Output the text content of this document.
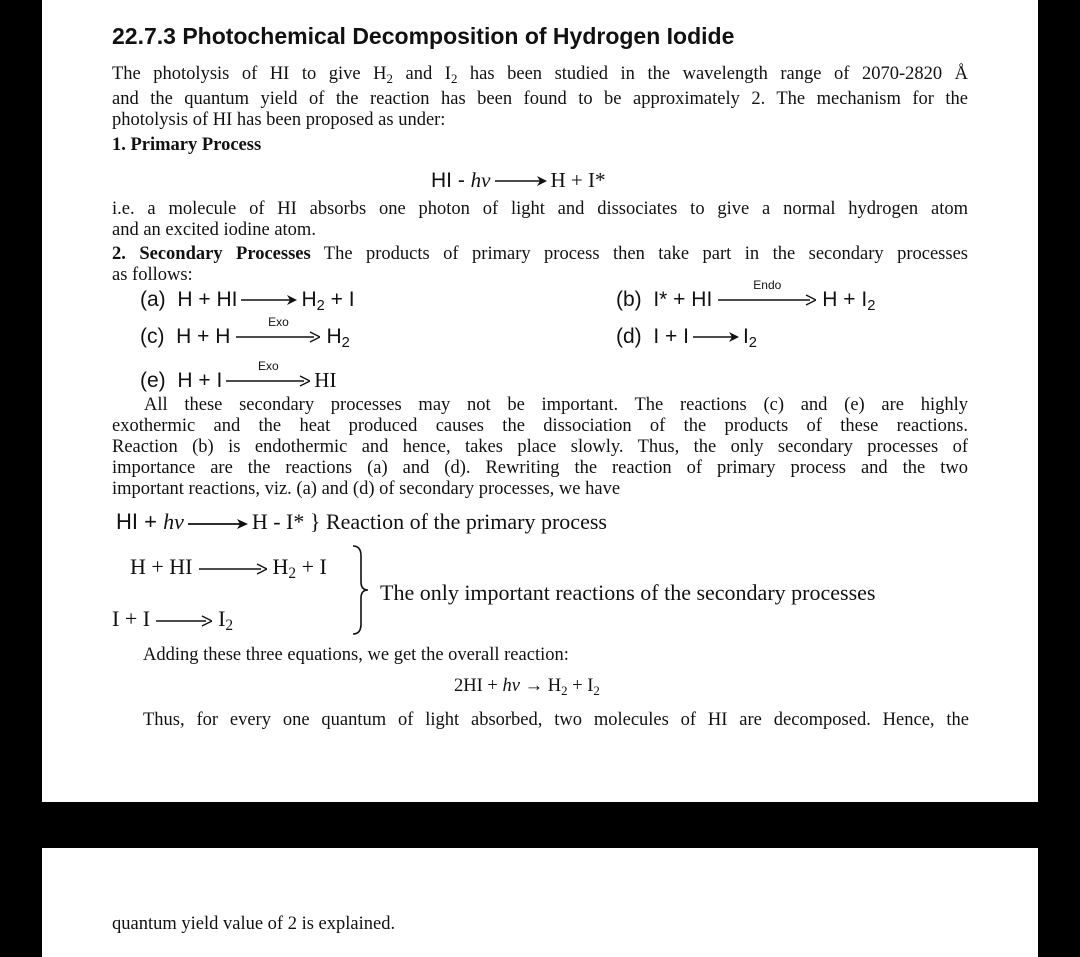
22.7.3 Photochemical Decomposition of Hydrogen Iodide
The photolysis of HI to give $H_2$ and $I_2$ has been studied in the wavelength range of 2070-2820 Å
and the quantum yield of the reaction has been found to be approximately 2. The mechanism for the
photolysis of HI has been proposed as under:
1. Primary Process
HI - hv → H + I*
i.e. a molecule of HI absorbs one photon of light and dissociates to give a normal hydrogen atom
and an excited iodine atom.
2. Secondary Processes The products of primary process then take part in the secondary processes
as follows:
(a) H + HI → $H_2 + I$	(b) I* + HI
Endo
$H + I_2$
(c) H + H
Exo
$H_2$	(d) $I + I \to I_2$
(e) H + I
Exo
HI
All these secondary processes may not be important. The reactions (c) and (e) are highly
exothermic and the heat produced causes the dissociation of the products of these reactions.
Reaction (b) is endothermic and hence, takes place slowly. Thus, the only secondary processes of
importance are the reactions (a) and (d). Rewriting the reaction of primary process and the two
important reactions, viz. (a) and (d) of secondary processes, we have
HI + hv → H - I* } Reaction of the primary process
H + HI → $H_2 + I$
$I + I \to I_2$
The only important reactions of the secondary processes
Adding these three equations, we get the overall reaction:
2HI + hv → $H_2 + I_2$
Thus, for every one quantum of light absorbed, two molecules of HI are decomposed. Hence, the
quantum yield value of 2 is explained.
